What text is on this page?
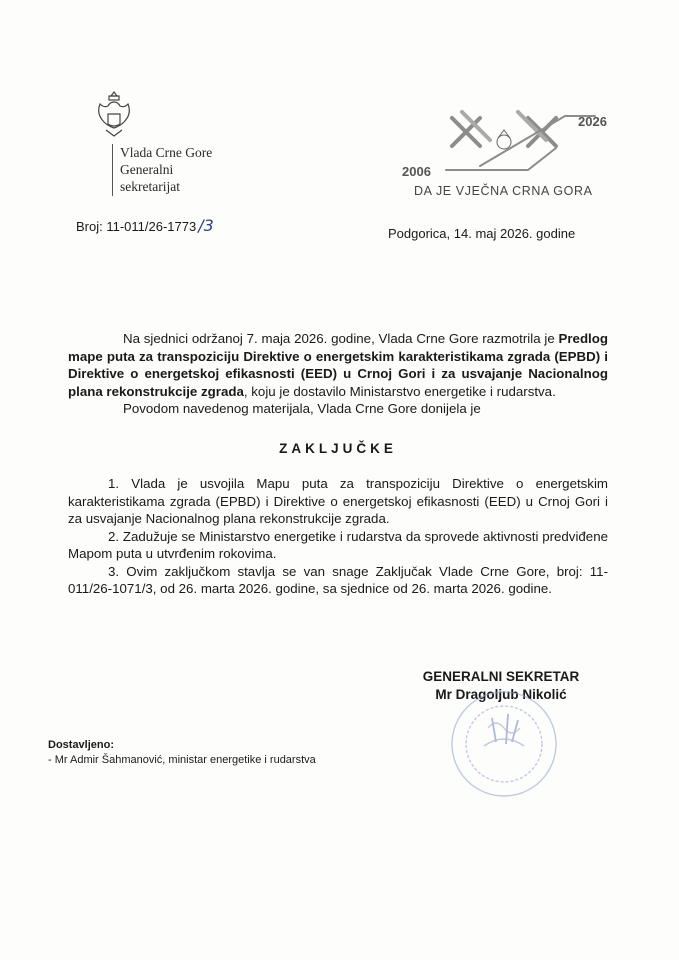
Vlada Crne Gore
Generalni
sekretarijat
2006
2026
DA JE VJEČNA CRNA GORA
Broj: 11-011/26-1773 /3	Podgorica, 14. maj 2026. godine

Na sjednici održanoj 7. maja 2026. godine, Vlada Crne Gore razmotrila je Predlog mape puta za transpoziciju Direktive o energetskim karakteristikama zgrada (EPBD) i Direktive o energetskoj efikasnosti (EED) u Crnoj Gori i za usvajanje Nacionalnog plana rekonstrukcije zgrada, koju je dostavilo Ministarstvo energetike i rudarstva.

Povodom navedenog materijala, Vlada Crne Gore donijela je

ZAKLJUČKE

1. Vlada je usvojila Mapu puta za transpoziciju Direktive o energetskim karakteristikama zgrada (EPBD) i Direktive o energetskoj efikasnosti (EED) u Crnoj Gori i za usvajanje Nacionalnog plana rekonstrukcije zgrada.

2. Zadužuje se Ministarstvo energetike i rudarstva da sprovede aktivnosti predviđene Mapom puta u utvrđenim rokovima.

3. Ovim zaključkom stavlja se van snage Zaključak Vlade Crne Gore, broj: 11-011/26-1071/3, od 26. marta 2026. godine, sa sjednice od 26. marta 2026. godine.

GENERALNI SEKRETAR
Mr Dragoljub Nikolić
Dostavljeno:
- Mr Admir Šahmanović, ministar energetike i rudarstva
